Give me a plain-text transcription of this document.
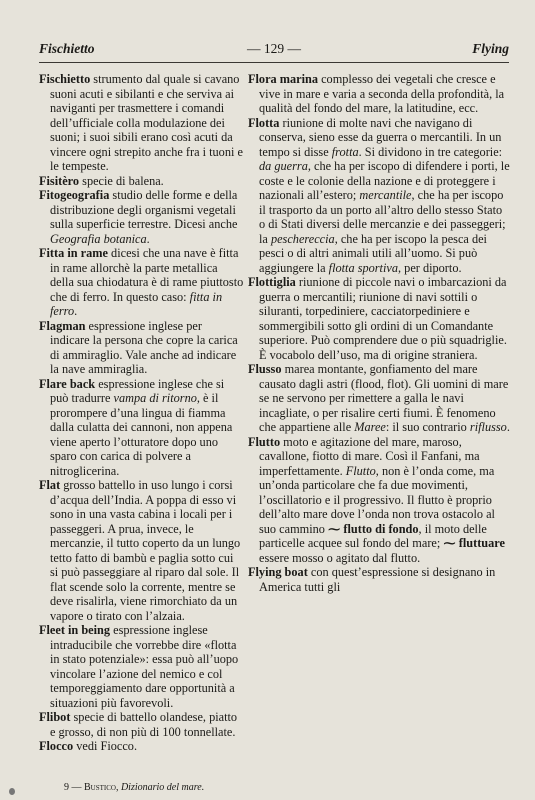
Fischietto	— 129 —	Flying

Fischietto strumento dal quale si cavano suoni acuti e sibilanti e che serviva ai naviganti per trasmettere i comandi dell’ufficiale colla modulazione dei suoni; i suoi sibili erano così acuti da vincere ogni strepito anche fra i tuoni e le tempeste.

Fisitèro specie di balena.

Fitogeografia studio delle forme e della distribuzione degli organismi vegetali sulla superficie terrestre. Dicesi anche Geografia botanica.

Fitta in rame dicesi che una nave è fitta in rame allorchè la parte metallica della sua chiodatura è di rame piuttosto che di ferro. In questo caso: fitta in ferro.

Flagman espressione inglese per indicare la persona che copre la carica di ammiraglio. Vale anche ad indicare la nave ammiraglia.

Flare back espressione inglese che si può tradurre vampa di ritorno, è il prorompere d’una lingua di fiamma dalla culatta dei cannoni, non appena viene aperto l’otturatore dopo uno sparo con carica di polvere a nitroglicerina.

Flat grosso battello in uso lungo i corsi d’acqua dell’India. A poppa di esso vi sono in una vasta cabina i locali per i passeggeri. A prua, invece, le mercanzie, il tutto coperto da un lungo tetto fatto di bambù e paglia sotto cui si può passeggiare al riparo dal sole. Il flat scende solo la corrente, mentre se deve risalirla, viene rimorchiato da un vapore o tirato con l’alzaia.

Fleet in being espressione inglese intraducibile che vorrebbe dire «flotta in stato potenziale»: essa può all’uopo vincolare l’azione del nemico e col temporeggiamento dare opportunità a situazioni più favorevoli.

Flibot specie di battello olandese, piatto e grosso, di non più di 100 tonnellate.

Flocco vedi Fiocco.

Flora marina complesso dei vegetali che cresce e vive in mare e varia a seconda della profondità, la qualità del fondo del mare, la latitudine, ecc.

Flotta riunione di molte navi che navigano di conserva, sieno esse da guerra o mercantili. In un tempo si disse frotta. Si dividono in tre categorie: da guerra, che ha per iscopo di difendere i porti, le coste e le colonie della nazione e di proteggere i nazionali all’estero; mercantile, che ha per iscopo il trasporto da un porto all’altro dello stesso Stato o di Stati diversi delle mercanzie e dei passeggeri; la peschereccia, che ha per iscopo la pesca dei pesci o di altri animali utili all’uomo. Si può aggiungere la flotta sportiva, per diporto.

Flottiglia riunione di piccole navi o imbarcazioni da guerra o mercantili; riunione di navi sottili o siluranti, torpediniere, cacciatorpediniere e sommergibili sotto gli ordini di un Comandante superiore. Può comprendere due o più squadriglie. È vocabolo dell’uso, ma di origine straniera.

Flusso marea montante, gonfiamento del mare causato dagli astri (flood, flot). Gli uomini di mare se ne servono per rimettere a galla le navi incagliate, o per risalire certi fiumi. È fenomeno che appartiene alle Maree: il suo contrario riflusso.

Flutto moto e agitazione del mare, maroso, cavallone, fiotto di mare. Così il Fanfani, ma imperfettamente. Flutto, non è l’onda come, ma un’onda particolare che fa due movimenti, l’oscillatorio e il progressivo. Il flutto è proprio dell’alto mare dove l’onda non trova ostacolo al suo cammino ⁓ flutto di fondo, il moto delle particelle acquee sul fondo del mare; ⁓ fluttuare essere mosso o agitato dal flutto.

Flying boat con quest’espressione si designano in America tutti gli

9 — Bustico, Dizionario del mare.
